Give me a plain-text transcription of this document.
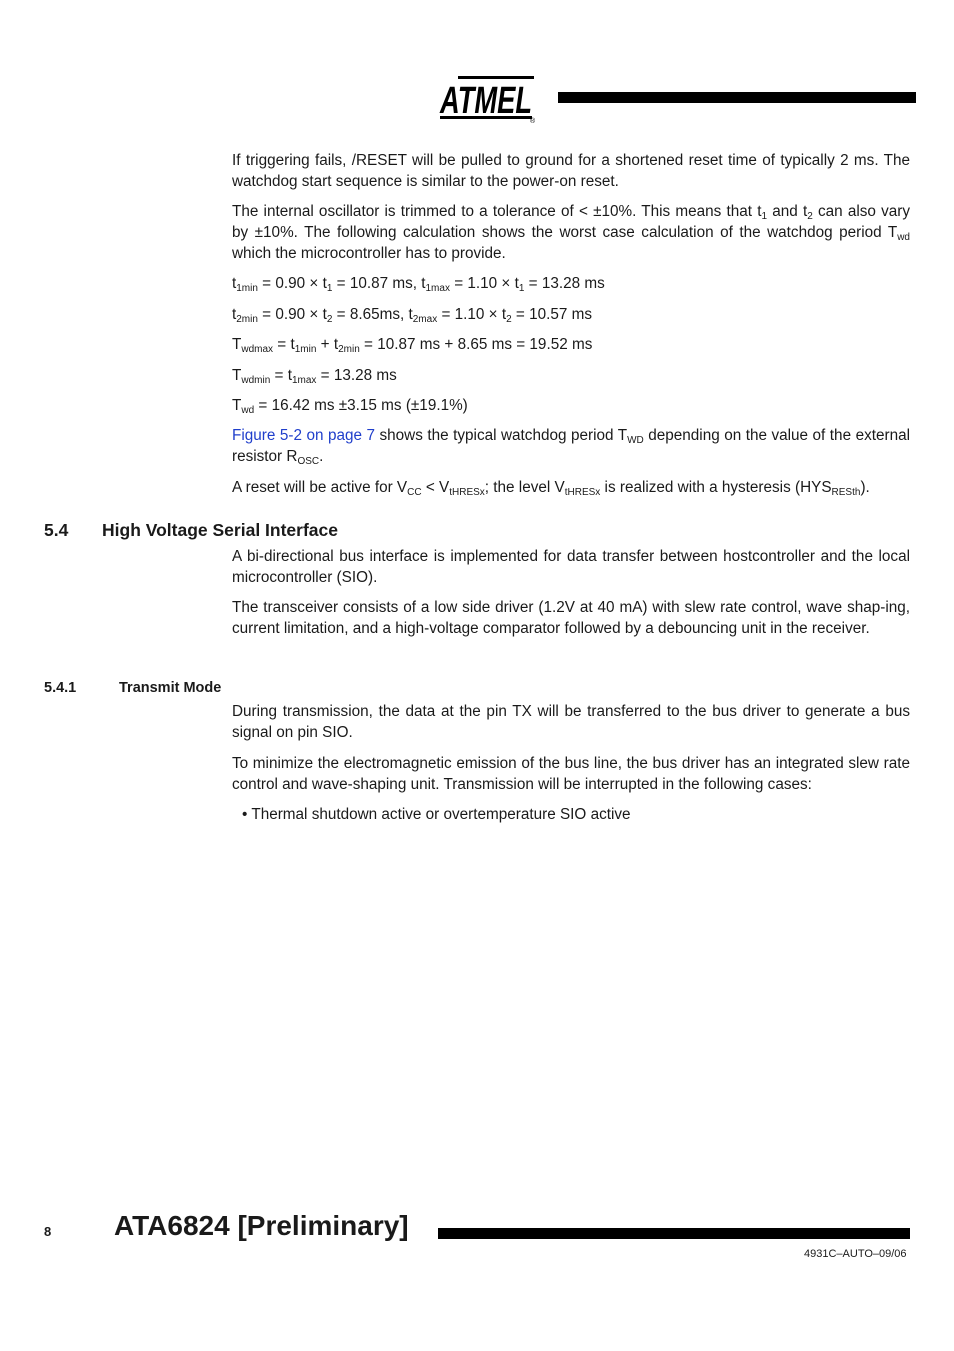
ATMEL
®
If triggering fails, /RESET will be pulled to ground for a shortened reset time of typically 2 ms. The watchdog start sequence is similar to the power-on reset.
The internal oscillator is trimmed to a tolerance of < ±10%. This means that $t_1$ and $t_2$ can also vary by ±10%. The following calculation shows the worst case calculation of the watchdog period $T_{wd}$ which the microcontroller has to provide.
$t_{1min} = 0.90 \times t_1 = 10.87$ ms, $t_{1max} = 1.10 \times t_1 = 13.28$ ms
$t_{2min} = 0.90 \times t_2 = 8.65ms$, $t_{2max} = 1.10 \times t_2 = 10.57$ ms
$T_{wdmax} = t_{1min} + t_{2min} = 10.87$ ms + 8.65 ms = 19.52 ms
$T_{wdmin} = t_{1max} = 13.28$ ms
$T_{wd} = 16.42$ ms ±3.15 ms (±19.1%)
Figure 5-2 on page 7 shows the typical watchdog period $T_{WD}$ depending on the value of the external resistor $R_{OSC}$.
A reset will be active for $V_{CC} < V_{tHRESx}$; the level $V_{tHRESx}$ is realized with a hysteresis $(HYS_{RESth})$.
5.4 High Voltage Serial Interface
A bi-directional bus interface is implemented for data transfer between hostcontroller and the local microcontroller (SIO).
The transceiver consists of a low side driver (1.2V at 40 mA) with slew rate control, wave shap-ing, current limitation, and a high-voltage comparator followed by a debouncing unit in the receiver.
5.4.1	Transmit Mode
During transmission, the data at the pin TX will be transferred to the bus driver to generate a bus signal on pin SIO.
To minimize the electromagnetic emission of the bus line, the bus driver has an integrated slew rate control and wave-shaping unit. Transmission will be interrupted in the following cases:
• Thermal shutdown active or overtemperature SIO active
8 ATA6824 [Preliminary]
4931C–AUTO–09/06
